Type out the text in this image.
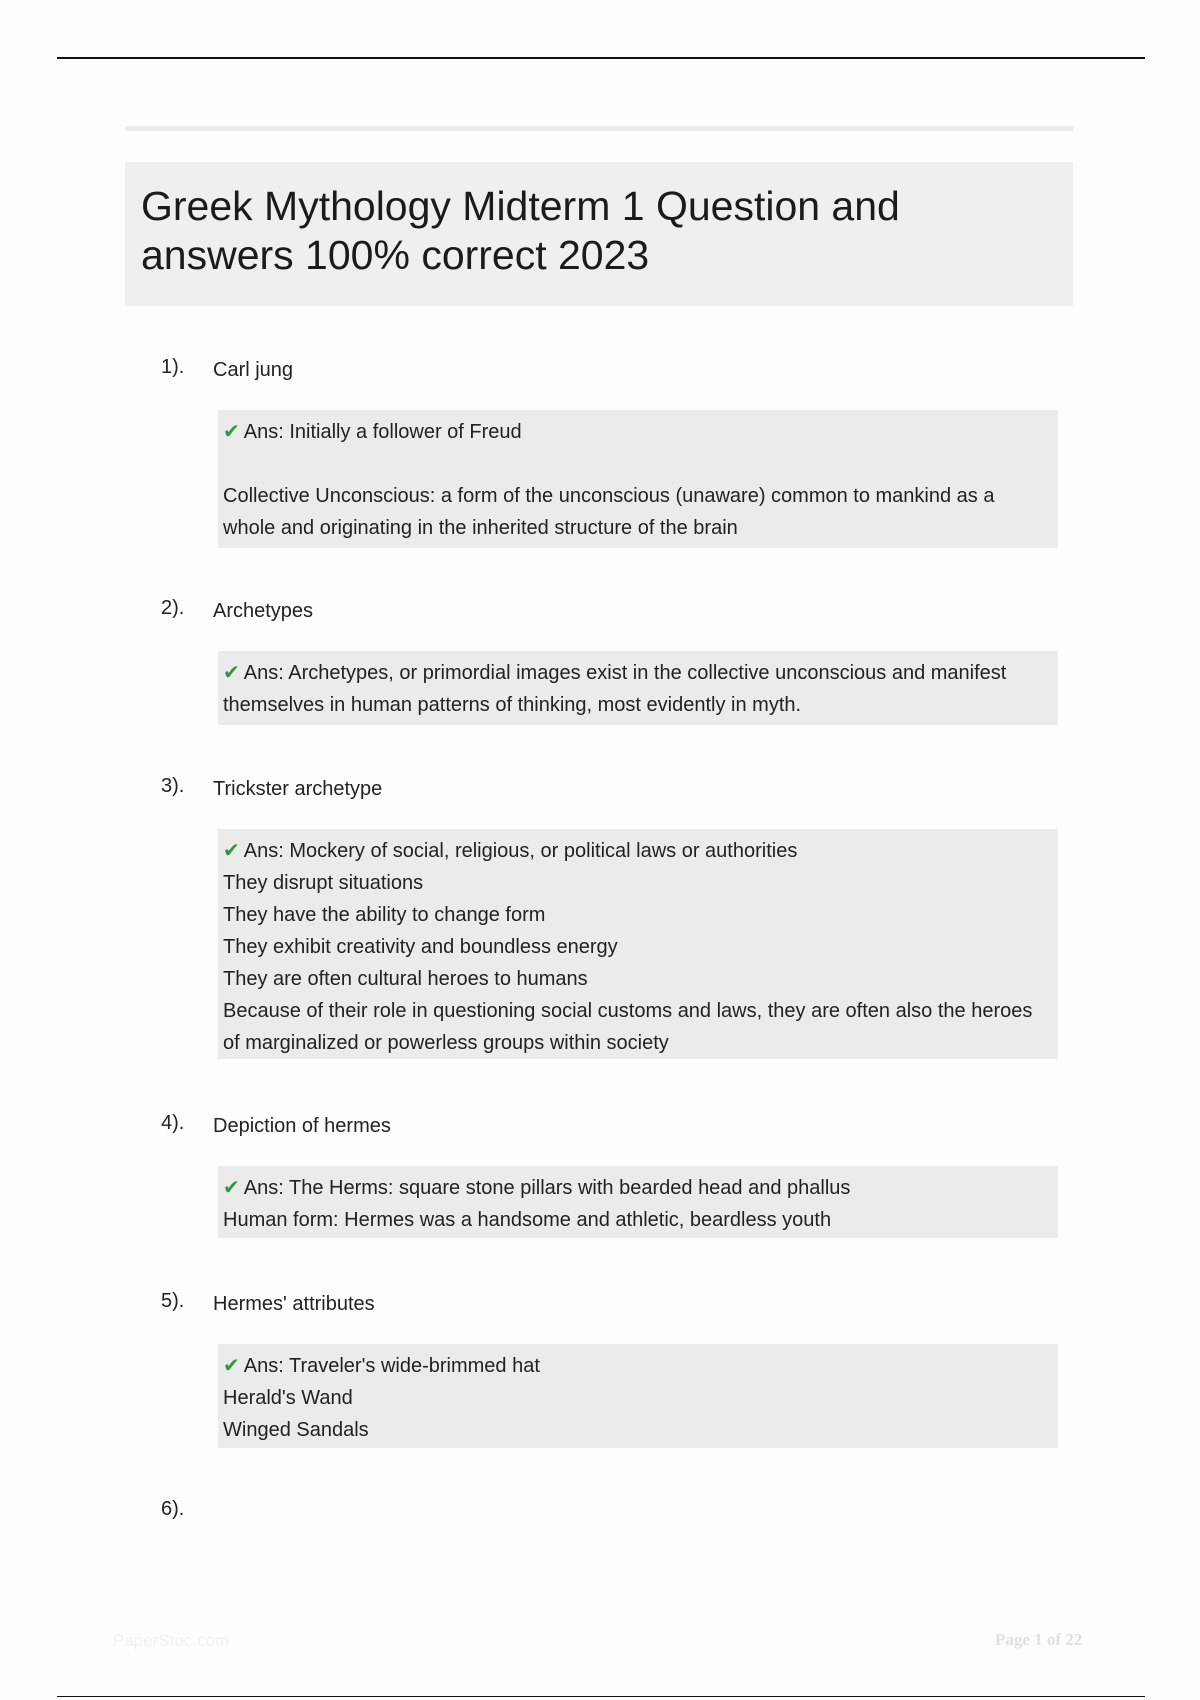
Greek Mythology Midterm 1 Question and answers 100% correct 2023
1). Carl jung

✔ Ans: Initially a follower of Freud

Collective Unconscious: a form of the unconscious (unaware) common to mankind as a whole and originating in the inherited structure of the brain

2). Archetypes

✔ Ans: Archetypes, or primordial images exist in the collective unconscious and manifest themselves in human patterns of thinking, most evidently in myth.

3). Trickster archetype

✔ Ans: Mockery of social, religious, or political laws or authorities

They disrupt situations

They have the ability to change form

They exhibit creativity and boundless energy

They are often cultural heroes to humans

Because of their role in questioning social customs and laws, they are often also the heroes of marginalized or powerless groups within society

4). Depiction of hermes

✔ Ans: The Herms: square stone pillars with bearded head and phallus

Human form: Hermes was a handsome and athletic, beardless youth

5). Hermes' attributes

✔ Ans: Traveler's wide-brimmed hat

Herald's Wand

Winged Sandals

6).
PaperStoc.com	Page 1 of 22
